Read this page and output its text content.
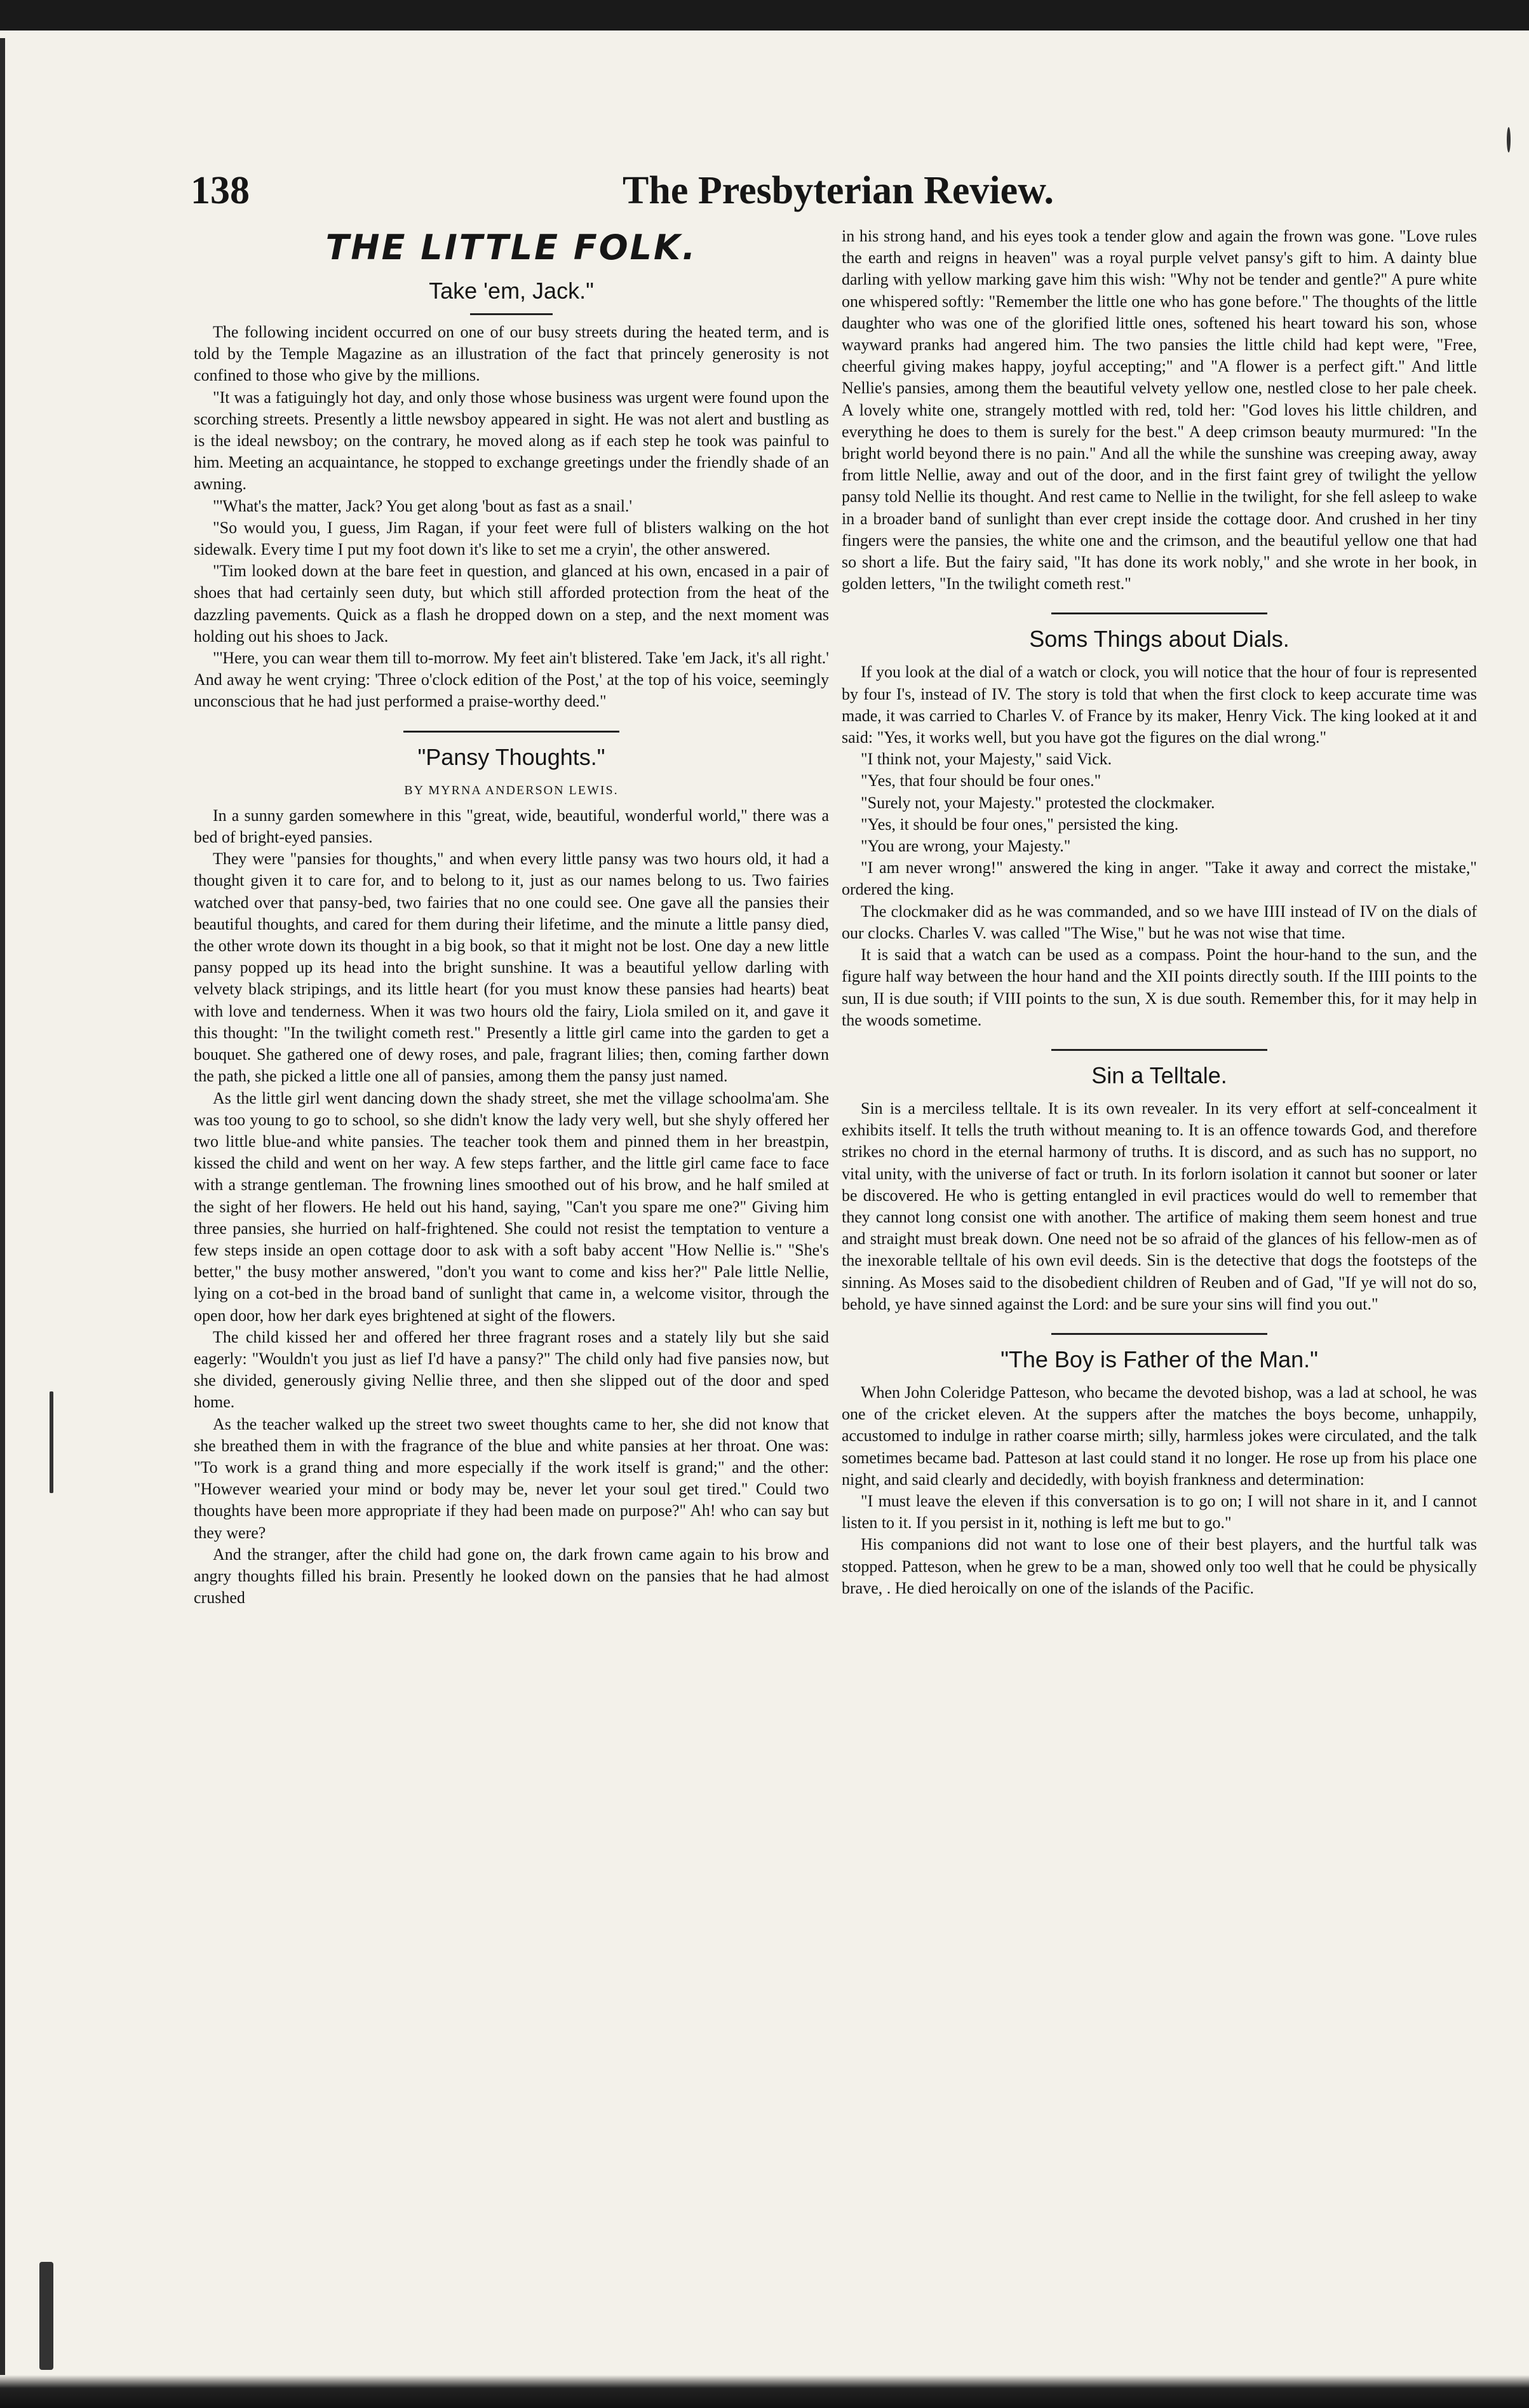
138	The Presbyterian Review.
THE LITTLE FOLK.
Take 'em, Jack."

The following incident occurred on one of our busy streets during the heated term, and is told by the Temple Magazine as an illustration of the fact that princely generosity is not confined to those who give by the millions.

"It was a fatiguingly hot day, and only those whose business was urgent were found upon the scorching streets. Presently a little newsboy appeared in sight. He was not alert and bustling as is the ideal newsboy; on the contrary, he moved along as if each step he took was painful to him. Meeting an acquaintance, he stopped to exchange greetings under the friendly shade of an awning.

"'What's the matter, Jack? You get along 'bout as fast as a snail.'

"So would you, I guess, Jim Ragan, if your feet were full of blisters walking on the hot sidewalk. Every time I put my foot down it's like to set me a cryin', the other answered.

"Tim looked down at the bare feet in question, and glanced at his own, encased in a pair of shoes that had certainly seen duty, but which still afforded protection from the heat of the dazzling pavements. Quick as a flash he dropped down on a step, and the next moment was holding out his shoes to Jack.

"'Here, you can wear them till to-morrow. My feet ain't blistered. Take 'em Jack, it's all right.' And away he went crying: 'Three o'clock edition of the Post,' at the top of his voice, seemingly unconscious that he had just performed a praise-worthy deed."

"Pansy Thoughts."
BY MYRNA ANDERSON LEWIS.

In a sunny garden somewhere in this "great, wide, beautiful, wonderful world," there was a bed of bright-eyed pansies.

They were "pansies for thoughts," and when every little pansy was two hours old, it had a thought given it to care for, and to belong to it, just as our names belong to us. Two fairies watched over that pansy-bed, two fairies that no one could see. One gave all the pansies their beautiful thoughts, and cared for them during their lifetime, and the minute a little pansy died, the other wrote down its thought in a big book, so that it might not be lost. One day a new little pansy popped up its head into the bright sunshine. It was a beautiful yellow darling with velvety black stripings, and its little heart (for you must know these pansies had hearts) beat with love and tenderness. When it was two hours old the fairy, Liola smiled on it, and gave it this thought: "In the twilight cometh rest." Presently a little girl came into the garden to get a bouquet. She gathered one of dewy roses, and pale, fragrant lilies; then, coming farther down the path, she picked a little one all of pansies, among them the pansy just named.

As the little girl went dancing down the shady street, she met the village schoolma'am. She was too young to go to school, so she didn't know the lady very well, but she shyly offered her two little blue-and white pansies. The teacher took them and pinned them in her breastpin, kissed the child and went on her way. A few steps farther, and the little girl came face to face with a strange gentleman. The frowning lines smoothed out of his brow, and he half smiled at the sight of her flowers. He held out his hand, saying, "Can't you spare me one?" Giving him three pansies, she hurried on half-frightened. She could not resist the temptation to venture a few steps inside an open cottage door to ask with a soft baby accent "How Nellie is." "She's better," the busy mother answered, "don't you want to come and kiss her?" Pale little Nellie, lying on a cot-bed in the broad band of sunlight that came in, a welcome visitor, through the open door, how her dark eyes brightened at sight of the flowers.

The child kissed her and offered her three fragrant roses and a stately lily but she said eagerly: "Wouldn't you just as lief I'd have a pansy?" The child only had five pansies now, but she divided, generously giving Nellie three, and then she slipped out of the door and sped home.

As the teacher walked up the street two sweet thoughts came to her, she did not know that she breathed them in with the fragrance of the blue and white pansies at her throat. One was: "To work is a grand thing and more especially if the work itself is grand;" and the other: "However wearied your mind or body may be, never let your soul get tired." Could two thoughts have been more appropriate if they had been made on purpose?" Ah! who can say but they were?

And the stranger, after the child had gone on, the dark frown came again to his brow and angry thoughts filled his brain. Presently he looked down on the pansies that he had almost crushed

in his strong hand, and his eyes took a tender glow and again the frown was gone. "Love rules the earth and reigns in heaven" was a royal purple velvet pansy's gift to him. A dainty blue darling with yellow marking gave him this wish: "Why not be tender and gentle?" A pure white one whispered softly: "Remember the little one who has gone before." The thoughts of the little daughter who was one of the glorified little ones, softened his heart toward his son, whose wayward pranks had angered him. The two pansies the little child had kept were, "Free, cheerful giving makes happy, joyful accepting;" and "A flower is a perfect gift." And little Nellie's pansies, among them the beautiful velvety yellow one, nestled close to her pale cheek. A lovely white one, strangely mottled with red, told her: "God loves his little children, and everything he does to them is surely for the best." A deep crimson beauty murmured: "In the bright world beyond there is no pain." And all the while the sunshine was creeping away, away from little Nellie, away and out of the door, and in the first faint grey of twilight the yellow pansy told Nellie its thought. And rest came to Nellie in the twilight, for she fell asleep to wake in a broader band of sunlight than ever crept inside the cottage door. And crushed in her tiny fingers were the pansies, the white one and the crimson, and the beautiful yellow one that had so short a life. But the fairy said, "It has done its work nobly," and she wrote in her book, in golden letters, "In the twilight cometh rest."

Soms Things about Dials.

If you look at the dial of a watch or clock, you will notice that the hour of four is represented by four I's, instead of IV. The story is told that when the first clock to keep accurate time was made, it was carried to Charles V. of France by its maker, Henry Vick. The king looked at it and said: "Yes, it works well, but you have got the figures on the dial wrong."

"I think not, your Majesty," said Vick.

"Yes, that four should be four ones."

"Surely not, your Majesty." protested the clockmaker.

"Yes, it should be four ones," persisted the king.

"You are wrong, your Majesty."

"I am never wrong!" answered the king in anger. "Take it away and correct the mistake," ordered the king.

The clockmaker did as he was commanded, and so we have IIII instead of IV on the dials of our clocks. Charles V. was called "The Wise," but he was not wise that time.

It is said that a watch can be used as a compass. Point the hour-hand to the sun, and the figure half way between the hour hand and the XII points directly south. If the IIII points to the sun, II is due south; if VIII points to the sun, X is due south. Remember this, for it may help in the woods sometime.

Sin a Telltale.

Sin is a merciless telltale. It is its own revealer. In its very effort at self-concealment it exhibits itself. It tells the truth without meaning to. It is an offence towards God, and therefore strikes no chord in the eternal harmony of truths. It is discord, and as such has no support, no vital unity, with the universe of fact or truth. In its forlorn isolation it cannot but sooner or later be discovered. He who is getting entangled in evil practices would do well to remember that they cannot long consist one with another. The artifice of making them seem honest and true and straight must break down. One need not be so afraid of the glances of his fellow-men as of the inexorable telltale of his own evil deeds. Sin is the detective that dogs the footsteps of the sinning. As Moses said to the disobedient children of Reuben and of Gad, "If ye will not do so, behold, ye have sinned against the Lord: and be sure your sins will find you out."

"The Boy is Father of the Man."

When John Coleridge Patteson, who became the devoted bishop, was a lad at school, he was one of the cricket eleven. At the suppers after the matches the boys become, unhappily, accustomed to indulge in rather coarse mirth; silly, harmless jokes were circulated, and the talk sometimes became bad. Patteson at last could stand it no longer. He rose up from his place one night, and said clearly and decidedly, with boyish frankness and determination:

"I must leave the eleven if this conversation is to go on; I will not share in it, and I cannot listen to it. If you persist in it, nothing is left me but to go."

His companions did not want to lose one of their best players, and the hurtful talk was stopped. Patteson, when he grew to be a man, showed only too well that he could be physically brave, . He died heroically on one of the islands of the Pacific.
